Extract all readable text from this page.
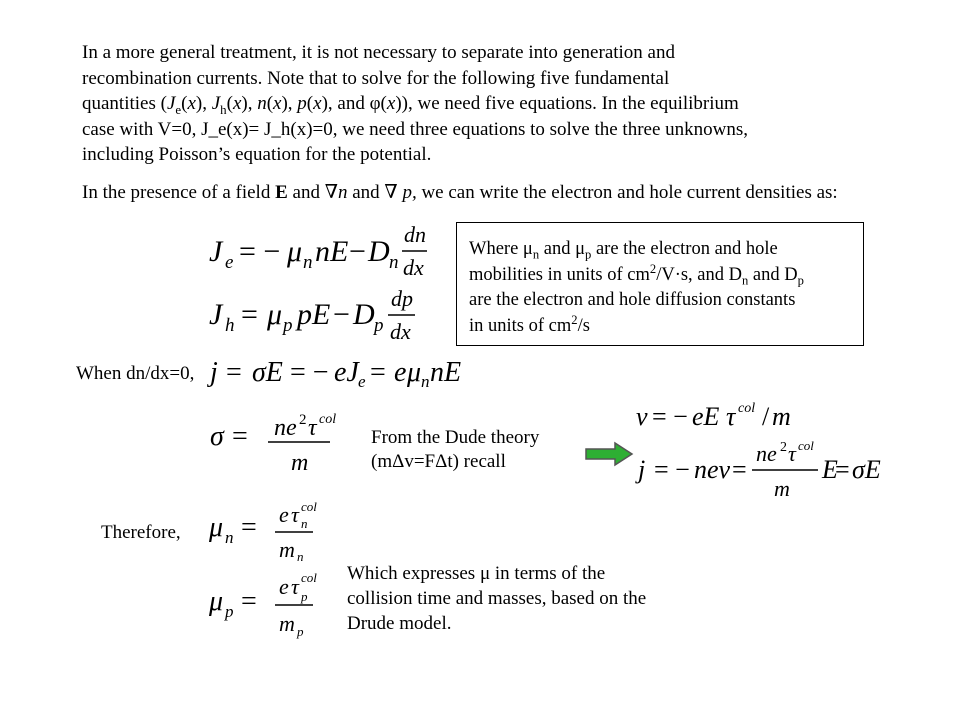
In a more general treatment, it is not necessary to separate into generation and
recombination currents. Note that to solve for the following five fundamental
quantities ($J_e(x)$, $J_h(x)$, n(x), p(x), and φ(x)), we need five equations. In the equilibrium
case with V=0, J_e(x)= J_h(x)=0, we need three equations to solve the three unknowns,
including Poisson’s equation for the potential.
In the presence of a field E and ∇n and ∇ p, we can write the electron and hole current densities as:
J e = − μ n nE − D n
dn
dx
J h = μ p pE − D p
dp
dx
Where $\mu_n$ and $\mu_p$ are the electron and hole
mobilities in units of $cm^2/V\cdot s$, and $D_n$ and $D_p$
are the electron and hole diffusion constants
in units of $cm^2/s$
When dn/dx=0, j = σE = − eJ e = e μ n nE
σ = ne 2 τ col
m
From the Dude theory
(mΔv=FΔt) recall
v = − eE τ col / m
j = − nev =
ne 2 τ col
m
E
= σE
Therefore, μ n = e τ n
col
m n
μ p = e τ p
col
m p
Which expresses μ in terms of the
collision time and masses, based on the
Drude model.
